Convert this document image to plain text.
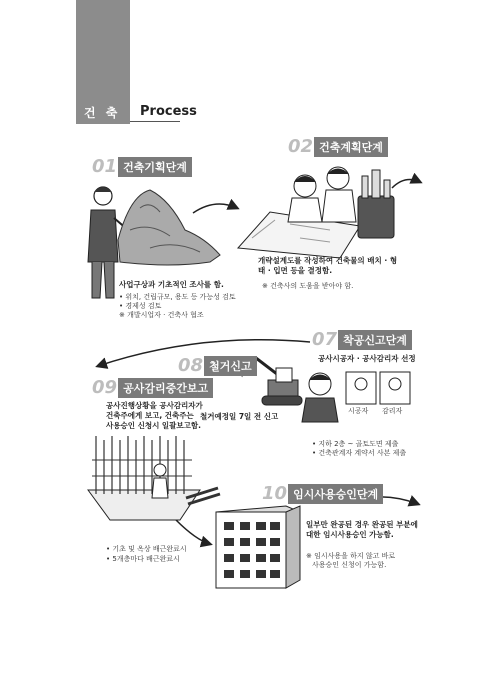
건 축 Process
01 건축기획단계
사업구상과 기초적인 조사를 함.
• 위치, 건립규모, 용도 등 가능성 검토
• 경제성 검토
※ 개발시업자 · 건축사 협조
02 건축계획단계
개략설계도를 작성하여 건축물의 배치 · 형태 · 입면 등을 결정함.
※ 건축사의 도움을 받아야 함.
07 착공신고단계
공사시공자 · 공사감리자 선정
시공자 감리자
• 지하 2층 ~ 골토도면 제출
• 건축관계자 계약서 사본 제출
08 철거신고
철거예정일 7일 전 신고
09 공사감리중간보고
공사진행상황을 공사감리자가
건축주에게 보고, 건축주는
사용승인 신청시 일괄보고함.
• 기초 및 옥상 배근완료시
• 5개층마다 배근완료시
10 임시사용승인단계
일부만 완공된 경우 완공된 부분에
대한 임시사용승인 가능함.
※ 임시사용을 하지 않고 바로
사용승인 신청이 가능함.
